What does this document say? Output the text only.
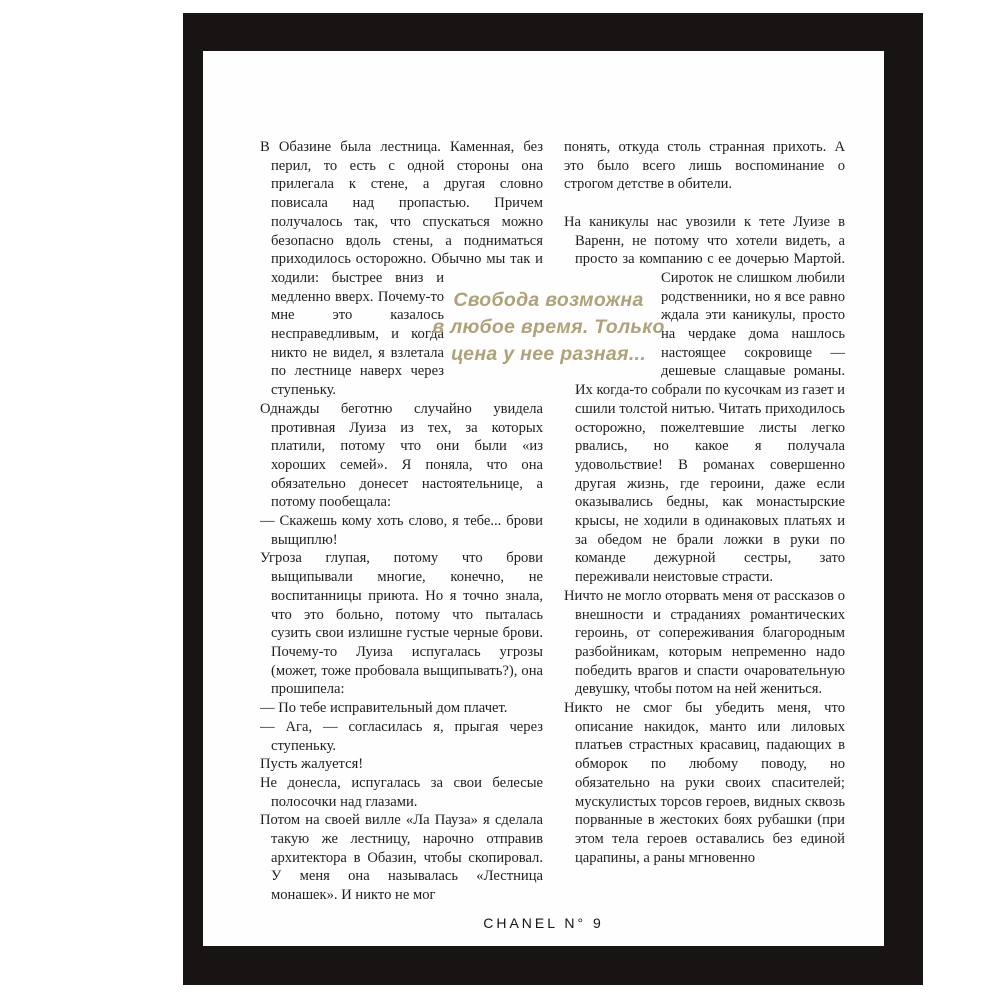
В Обазине была лестница. Каменная, без перил, то есть с одной стороны она прилегала к стене, а другая словно повисала над пропастью. Причем получалось так, что спускаться можно безопасно вдоль стены, а подниматься приходилось осторожно. Обычно мы так и ходили: быстрее вниз и медленно вверх. Почему-то мне это казалось несправедливым, и когда никто не видел, я взлетала по лестнице наверх через ступеньку.

Однажды беготню случайно увидела противная Луиза из тех, за которых платили, потому что они были «из хороших семей». Я поняла, что она обязательно донесет настоятельнице, а потому пообещала:

— Скажешь кому хоть слово, я тебе... брови выщиплю!

Угроза глупая, потому что брови выщипывали многие, конечно, не воспитанницы приюта. Но я точно знала, что это больно, потому что пыталась сузить свои излишне густые черные брови. Почему-то Луиза испугалась угрозы (может, тоже пробовала выщипывать?), она прошипела:

— По тебе исправительный дом плачет.

— Ага, — согласилась я, прыгая через ступеньку.

Пусть жалуется!

Не донесла, испугалась за свои белесые полосочки над глазами.

Потом на своей вилле «Ла Пауза» я сделала такую же лестницу, нарочно отправив архитектора в Обазин, чтобы скопировал. У меня она называлась «Лестница монашек». И никто не мог

понять, откуда столь странная прихоть. А это было всего лишь воспоминание о строгом детстве в обители.

На каникулы нас увозили к тете Луизе в Варенн, не потому что хотели видеть, а просто за компанию с ее дочерью Мартой. Сироток не слишком любили родственники, но я все равно ждала эти каникулы, просто на чердаке дома нашлось настоящее сокровище — дешевые слащавые романы. Их когда-то собрали по кусочкам из газет и сшили толстой нитью. Читать приходилось осторожно, пожелтевшие листы легко рвались, но какое я получала удовольствие! В романах совершенно другая жизнь, где героини, даже если оказывались бедны, как монастырские крысы, не ходили в одинаковых платьях и за обедом не брали ложки в руки по команде дежурной сестры, зато переживали неистовые страсти.

Ничто не могло оторвать меня от рассказов о внешности и страданиях романтических героинь, от сопереживания благородным разбойникам, которым непременно надо победить врагов и спасти очаровательную девушку, чтобы потом на ней жениться.

Никто не смог бы убедить меня, что описание накидок, манто или лиловых платьев страстных красавиц, падающих в обморок по любому поводу, но обязательно на руки своих спасителей; мускулистых торсов героев, видных сквозь порванные в жестоких боях рубашки (при этом тела героев оставались без единой царапины, а раны мгновенно

Свобода возможна
в любое время. Только
цена у нее разная...
CHANEL N° 9
